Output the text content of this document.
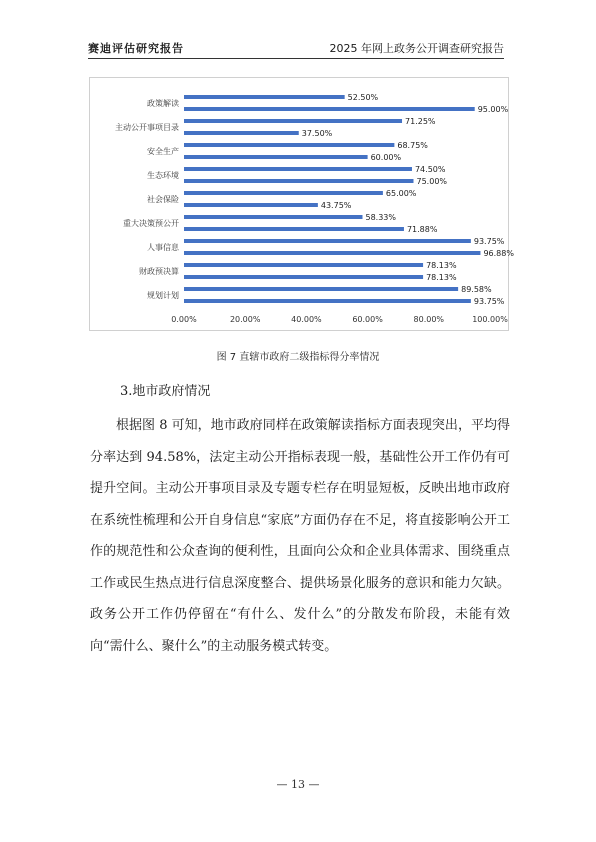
赛迪评估研究报告	2025 年网上政务公开调查研究报告
52.50%
95.00%
71.25%
37.50%
68.75%
60.00%
74.50%
75.00%
65.00%
43.75%
58.33%
71.88%
93.75%
96.88%
78.13%
78.13%
89.58%
93.75%
政策解读
主动公开事项目录
安全生产
生态环境
社会保险
重大决策预公开
人事信息
财政预决算
规划计划
0.00%	20.00%	40.00%	60.00%	80.00%	100.00%
图 7 直辖市政府二级指标得分率情况
3.地市政府情况
根据图 8 可知，地市政府同样在政策解读指标方面表现突出，平均得分率达到 94.58%，法定主动公开指标表现一般，基础性公开工作仍有可提升空间。主动公开事项目录及专题专栏存在明显短板，反映出地市政府在系统性梳理和公开自身信息“家底”方面仍存在不足，将直接影响公开工作的规范性和公众查询的便利性，且面向公众和企业具体需求、围绕重点工作或民生热点进行信息深度整合、提供场景化服务的意识和能力欠缺。政务公开工作仍停留在“有什么、发什么”的分散发布阶段，未能有效向“需什么、聚什么”的主动服务模式转变。
— 13 —
